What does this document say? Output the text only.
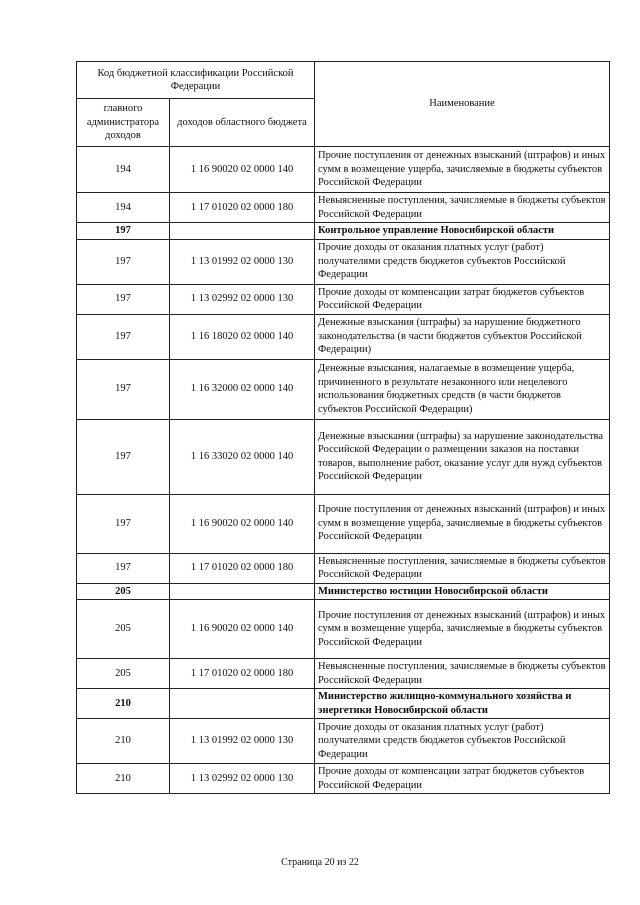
Код бюджетной классификации Российской Федерации		Наименование
главного администратора доходов	доходов областного бюджета	
194	1 16 90020 02 0000 140	Прочие поступления от денежных взысканий (штрафов) и иных сумм в возмещение ущерба, зачисляемые в бюджеты субъектов Российской Федерации
194	1 17 01020 02 0000 180	Невыясненные поступления, зачисляемые в бюджеты субъектов Российской Федерации
197		Контрольное управление Новосибирской области
197	1 13 01992 02 0000 130	Прочие доходы от оказания платных услуг (работ) получателями средств бюджетов субъектов Российской Федерации
197	1 13 02992 02 0000 130	Прочие доходы от компенсации затрат бюджетов субъектов Российской Федерации
197	1 16 18020 02 0000 140	Денежные взыскания (штрафы) за нарушение бюджетного законодательства (в части бюджетов субъектов Российской Федерации)
197	1 16 32000 02 0000 140	Денежные взыскания, налагаемые в возмещение ущерба, причиненного в результате незаконного или нецелевого использования бюджетных средств (в части бюджетов субъектов Российской Федерации)
197	1 16 33020 02 0000 140	Денежные взыскания (штрафы) за нарушение законодательства Российской Федерации о размещении заказов на поставки товаров, выполнение работ, оказание услуг для нужд субъектов Российской Федерации
197	1 16 90020 02 0000 140	Прочие поступления от денежных взысканий (штрафов) и иных сумм в возмещение ущерба, зачисляемые в бюджеты субъектов Российской Федерации
197	1 17 01020 02 0000 180	Невыясненные поступления, зачисляемые в бюджеты субъектов Российской Федерации
205		Министерство юстиции Новосибирской области
205	1 16 90020 02 0000 140	Прочие поступления от денежных взысканий (штрафов) и иных сумм в возмещение ущерба, зачисляемые в бюджеты субъектов Российской Федерации
205	1 17 01020 02 0000 180	Невыясненные поступления, зачисляемые в бюджеты субъектов Российской Федерации
210		Министерство жилищно-коммунального хозяйства и энергетики Новосибирской области
210	1 13 01992 02 0000 130	Прочие доходы от оказания платных услуг (работ) получателями средств бюджетов субъектов Российской Федерации
210	1 13 02992 02 0000 130	Прочие доходы от компенсации затрат бюджетов субъектов Российской Федерации
Страница 20 из 22
